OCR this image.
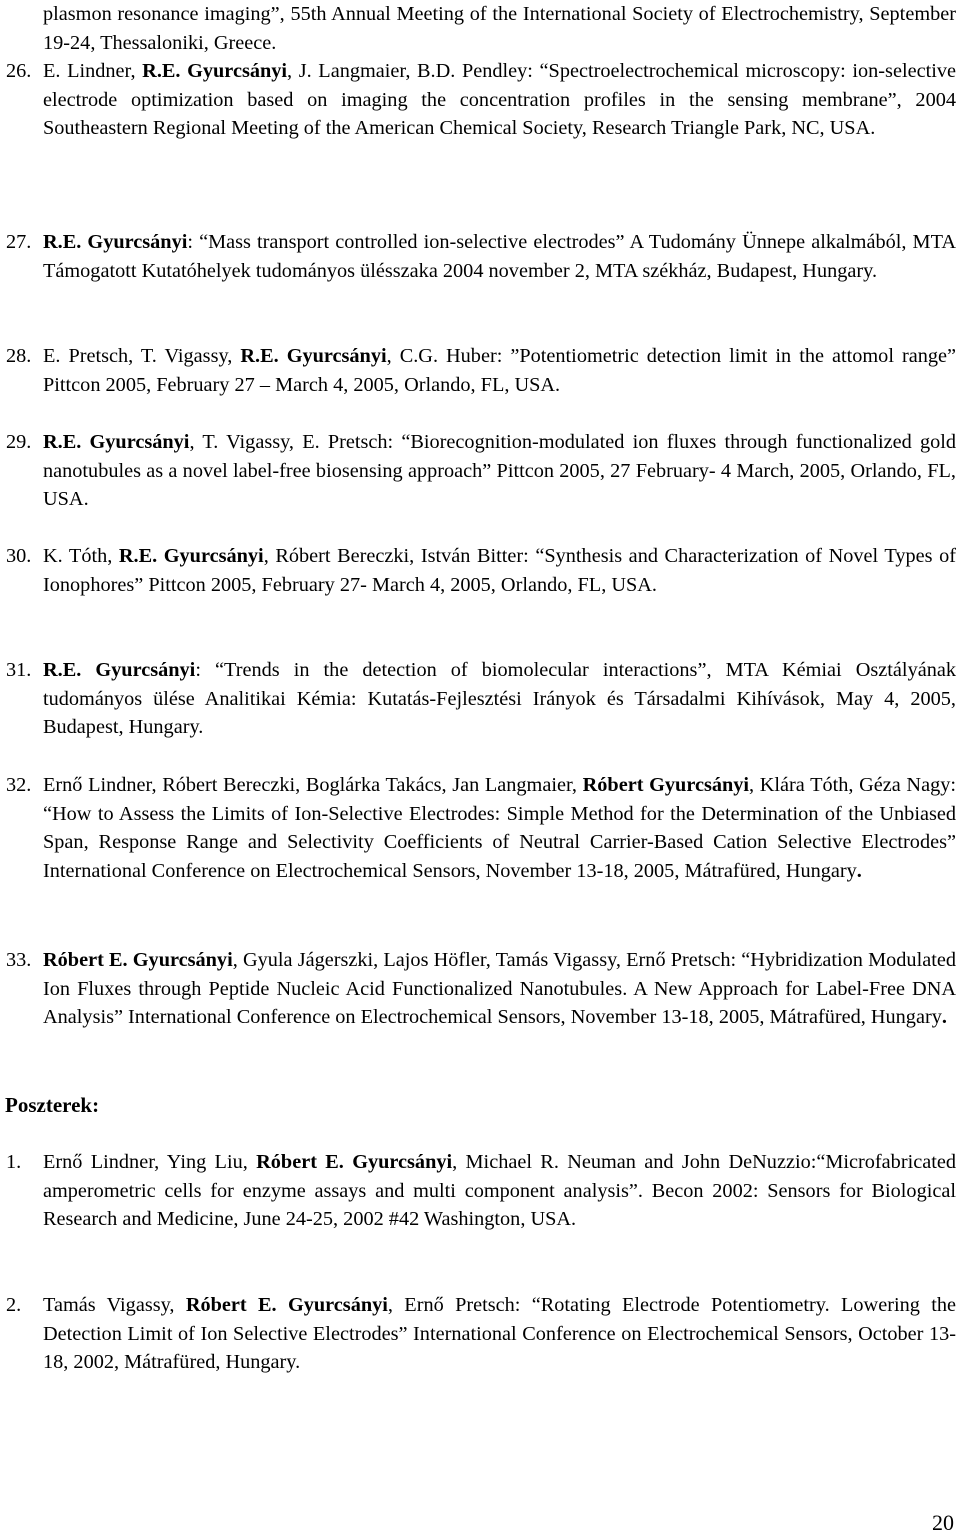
plasmon resonance imaging”, 55th Annual Meeting of the International Society of Electrochemistry, September 19-24, Thessaloniki, Greece.
26. E. Lindner, R.E. Gyurcsányi, J. Langmaier, B.D. Pendley: “Spectroelectrochemical microscopy: ion-selective electrode optimization based on imaging the concentration profiles in the sensing membrane”, 2004 Southeastern Regional Meeting of the American Chemical Society, Research Triangle Park, NC, USA.
27. R.E. Gyurcsányi: “Mass transport controlled ion-selective electrodes” A Tudomány Ünnepe alkalmából, MTA Támogatott Kutatóhelyek tudományos ülésszaka 2004 november 2, MTA székház, Budapest, Hungary.
28. E. Pretsch, T. Vigassy, R.E. Gyurcsányi, C.G. Huber: ”Potentiometric detection limit in the attomol range” Pittcon 2005, February 27 – March 4, 2005, Orlando, FL, USA.
29. R.E. Gyurcsányi, T. Vigassy, E. Pretsch: “Biorecognition-modulated ion fluxes through functionalized gold nanotubules as a novel label-free biosensing approach” Pittcon 2005, 27 February- 4 March, 2005, Orlando, FL, USA.
30. K. Tóth, R.E. Gyurcsányi, Róbert Bereczki, István Bitter: “Synthesis and Characterization of Novel Types of Ionophores” Pittcon 2005, February 27- March 4, 2005, Orlando, FL, USA.
31. R.E. Gyurcsányi: “Trends in the detection of biomolecular interactions”, MTA Kémiai Osztályának tudományos ülése Analitikai Kémia: Kutatás-Fejlesztési Irányok és Társadalmi Kihívások, May 4, 2005, Budapest, Hungary.
32. Ernő Lindner, Róbert Bereczki, Boglárka Takács, Jan Langmaier, Róbert Gyurcsányi, Klára Tóth, Géza Nagy: “How to Assess the Limits of Ion-Selective Electrodes: Simple Method for the Determination of the Unbiased Span, Response Range and Selectivity Coefficients of Neutral Carrier-Based Cation Selective Electrodes” International Conference on Electrochemical Sensors, November 13-18, 2005, Mátrafüred, Hungary.
33. Róbert E. Gyurcsányi, Gyula Jágerszki, Lajos Höfler, Tamás Vigassy, Ernő Pretsch: “Hybridization Modulated Ion Fluxes through Peptide Nucleic Acid Functionalized Nanotubules. A New Approach for Label-Free DNA Analysis” International Conference on Electrochemical Sensors, November 13-18, 2005, Mátrafüred, Hungary.
Poszterek:
1. Ernő Lindner, Ying Liu, Róbert E. Gyurcsányi, Michael R. Neuman and John DeNuzzio:“Microfabricated amperometric cells for enzyme assays and multi component analysis”. Becon 2002: Sensors for Biological Research and Medicine, June 24-25, 2002 #42 Washington, USA.
2. Tamás Vigassy, Róbert E. Gyurcsányi, Ernő Pretsch: “Rotating Electrode Potentiometry. Lowering the Detection Limit of Ion Selective Electrodes” International Conference on Electrochemical Sensors, October 13-18, 2002, Mátrafüred, Hungary.
20
